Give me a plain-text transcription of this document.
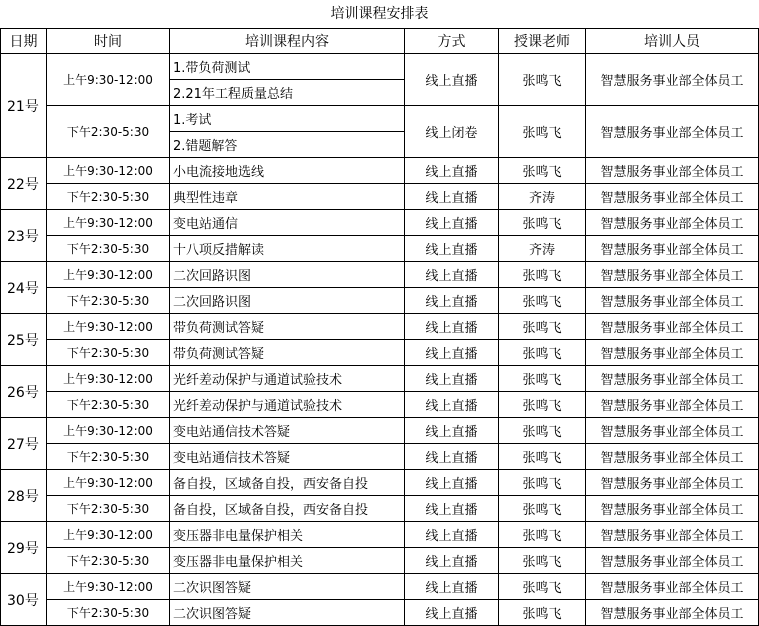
培训课程安排表
日期	时间	培训课程内容	方式	授课老师	培训人员
21号	上午9:30-12:00	1.带负荷测试	线上直播	张鸣飞	智慧服务事业部全体员工
		2.21年工程质量总结			
	下午2:30-5:30	1.考试	线上闭卷	张鸣飞	智慧服务事业部全体员工
		2.错题解答			
22号	上午9:30-12:00	小电流接地选线	线上直播	张鸣飞	智慧服务事业部全体员工
	下午2:30-5:30	典型性违章	线上直播	齐涛	智慧服务事业部全体员工
23号	上午9:30-12:00	变电站通信	线上直播	张鸣飞	智慧服务事业部全体员工
	下午2:30-5:30	十八项反措解读	线上直播	齐涛	智慧服务事业部全体员工
24号	上午9:30-12:00	二次回路识图	线上直播	张鸣飞	智慧服务事业部全体员工
	下午2:30-5:30	二次回路识图	线上直播	张鸣飞	智慧服务事业部全体员工
25号	上午9:30-12:00	带负荷测试答疑	线上直播	张鸣飞	智慧服务事业部全体员工
	下午2:30-5:30	带负荷测试答疑	线上直播	张鸣飞	智慧服务事业部全体员工
26号	上午9:30-12:00	光纤差动保护与通道试验技术	线上直播	张鸣飞	智慧服务事业部全体员工
	下午2:30-5:30	光纤差动保护与通道试验技术	线上直播	张鸣飞	智慧服务事业部全体员工
27号	上午9:30-12:00	变电站通信技术答疑	线上直播	张鸣飞	智慧服务事业部全体员工
	下午2:30-5:30	变电站通信技术答疑	线上直播	张鸣飞	智慧服务事业部全体员工
28号	上午9:30-12:00	备自投，区域备自投，西安备自投	线上直播	张鸣飞	智慧服务事业部全体员工
	下午2:30-5:30	备自投，区域备自投，西安备自投	线上直播	张鸣飞	智慧服务事业部全体员工
29号	上午9:30-12:00	变压器非电量保护相关	线上直播	张鸣飞	智慧服务事业部全体员工
	下午2:30-5:30	变压器非电量保护相关	线上直播	张鸣飞	智慧服务事业部全体员工
30号	上午9:30-12:00	二次识图答疑	线上直播	张鸣飞	智慧服务事业部全体员工
	下午2:30-5:30	二次识图答疑	线上直播	张鸣飞	智慧服务事业部全体员工
